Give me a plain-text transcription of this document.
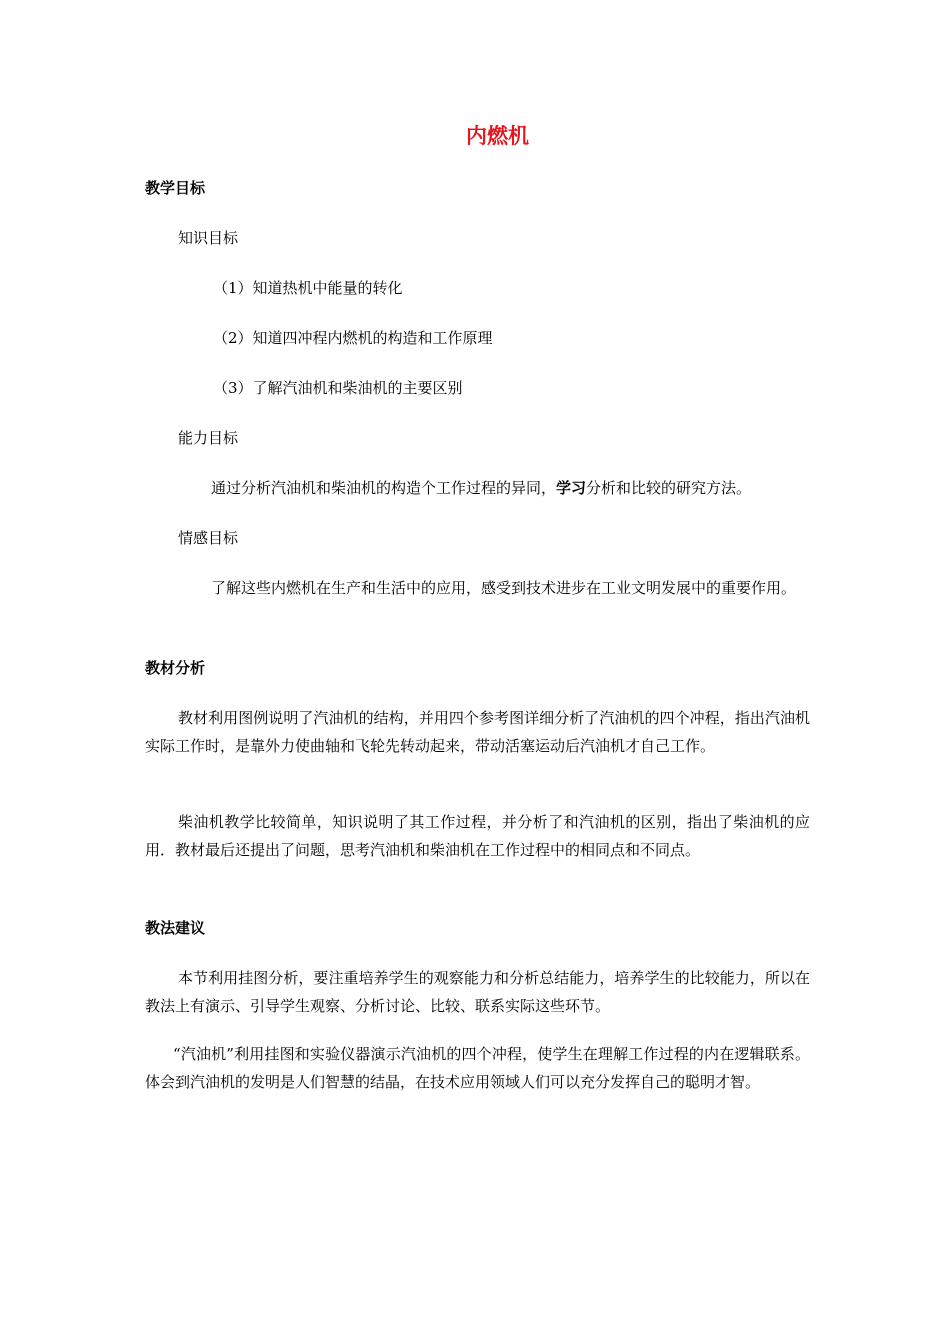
内燃机
教学目标
知识目标
（1）知道热机中能量的转化
（2）知道四冲程内燃机的构造和工作原理
（3）了解汽油机和柴油机的主要区别
能力目标
通过分析汽油机和柴油机的构造个工作过程的异同，学习分析和比较的研究方法。
情感目标
了解这些内燃机在生产和生活中的应用，感受到技术进步在工业文明发展中的重要作用。
教材分析
教材利用图例说明了汽油机的结构，并用四个参考图详细分析了汽油机的四个冲程，指出汽油机实际工作时，是靠外力使曲轴和飞轮先转动起来，带动活塞运动后汽油机才自己工作。
柴油机教学比较简单，知识说明了其工作过程，并分析了和汽油机的区别，指出了柴油机的应用．教材最后还提出了问题，思考汽油机和柴油机在工作过程中的相同点和不同点。
教法建议
本节利用挂图分析，要注重培养学生的观察能力和分析总结能力，培养学生的比较能力，所以在教法上有演示、引导学生观察、分析讨论、比较、联系实际这些环节。
“汽油机”利用挂图和实验仪器演示汽油机的四个冲程，使学生在理解工作过程的内在逻辑联系。体会到汽油机的发明是人们智慧的结晶，在技术应用领域人们可以充分发挥自己的聪明才智。
